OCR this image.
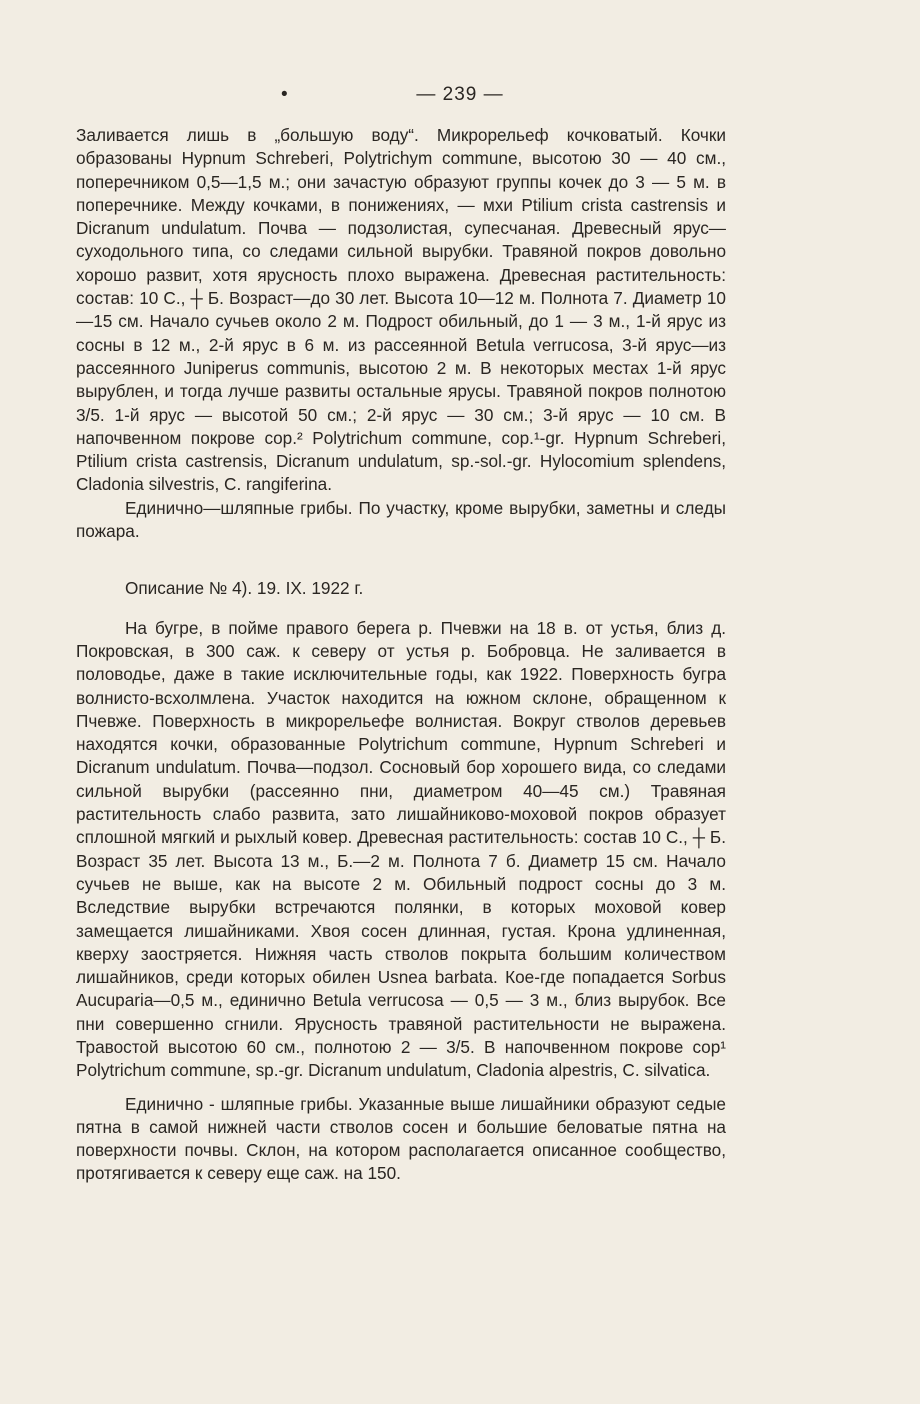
•	— 239 —

Заливается лишь в „большую воду“. Микрорельеф кочковатый. Кочки образованы Hypnum Schreberi, Polytrichym commune, высотою 30 — 40 см., поперечником 0,5—1,5 м.; они зачастую образуют группы кочек до 3 — 5 м. в поперечнике. Между кочками, в понижениях, — мхи Ptilium crista castrensis и Dicranum undulatum. Почва — подзолистая, супесчаная. Древесный ярус—суходольного типа, со следами сильной вырубки. Травяной покров довольно хорошо развит, хотя ярусность плохо выражена. Древесная растительность: состав: 10 С., ┼ Б. Возраст—до 30 лет. Высота 10—12 м. Полнота 7. Диаметр 10—15 см. Начало сучьев около 2 м. Подрост обильный, до 1 — 3 м., 1-й ярус из сосны в 12 м., 2-й ярус в 6 м. из рассеянной Betula verrucosa, 3-й ярус—из рассеянного Juniperus communis, высотою 2 м. В некоторых местах 1-й ярус вырублен, и тогда лучше развиты остальные ярусы. Травяной покров полнотою 3/5. 1-й ярус — высотой 50 см.; 2-й ярус — 30 см.; 3-й ярус — 10 см. В напочвенном покрове cop.² Polytrichum commune, cop.¹-gr. Hypnum Schreberi, Ptilium crista castrensis, Dicranum undulatum, sp.-sol.-gr. Hylocomium splendens, Cladonia silvestris, C. rangiferina.

Единично—шляпные грибы. По участку, кроме вырубки, заметны и следы пожара.

Описание № 4). 19. IX. 1922 г.

На бугре, в пойме правого берега р. Пчевжи на 18 в. от устья, близ д. Покровская, в 300 саж. к северу от устья р. Бобровца. Не заливается в половодье, даже в такие исключительные годы, как 1922. Поверхность бугра волнисто-всхолмлена. Участок находится на южном склоне, обращенном к Пчевже. Поверхность в микрорельефе волнистая. Вокруг стволов деревьев находятся кочки, образованные Polytrichum commune, Hypnum Schreberi и Dicranum undulatum. Почва—подзол. Сосновый бор хорошего вида, со следами сильной вырубки (рассеянно пни, диаметром 40—45 см.) Травяная растительность слабо развита, зато лишайниково-моховой покров образует сплошной мягкий и рыхлый ковер. Древесная растительность: состав 10 С., ┼ Б. Возраст 35 лет. Высота 13 м., Б.—2 м. Полнота 7 б. Диаметр 15 см. Начало сучьев не выше, как на высоте 2 м. Обильный подрост сосны до 3 м. Вследствие вырубки встречаются полянки, в которых моховой ковер замещается лишайниками. Хвоя сосен длинная, густая. Крона удлиненная, кверху заостряется. Нижняя часть стволов покрыта большим количеством лишайников, среди которых обилен Usnea barbata. Кое-где попадается Sorbus Aucuparia—0,5 м., единично Betula verrucosa — 0,5 — 3 м., близ вырубок. Все пни совершенно сгнили. Ярусность травяной растительности не выражена. Травостой высотою 60 см., полнотою 2 — 3/5. В напочвенном покрове cop¹ Polytrichum commune, sp.-gr. Dicranum undulatum, Cladonia alpestris, C. silvatica.

Единично - шляпные грибы. Указанные выше лишайники образуют седые пятна в самой нижней части стволов сосен и большие беловатые пятна на поверхности почвы. Склон, на котором располагается описанное сообщество, протягивается к северу еще саж. на 150.
